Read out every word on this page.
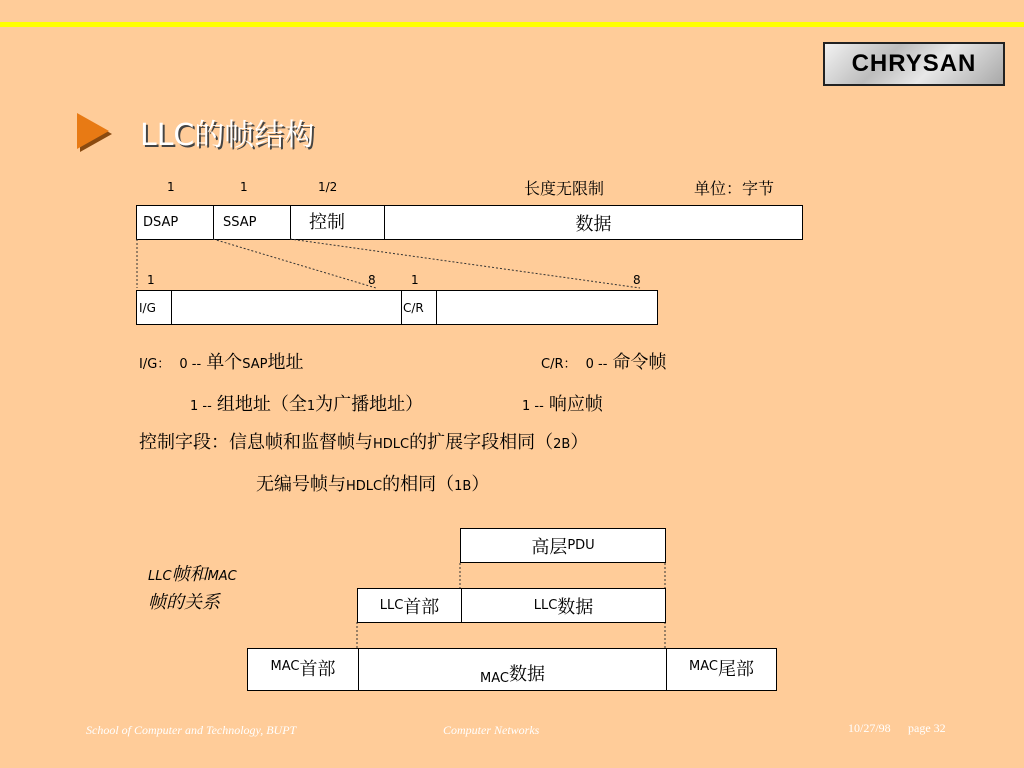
CHRYSAN
LLC的帧结构
1	1	1/2	长度无限制	单位：字节
DSAP	SSAP	控制	数据
1	8	1	8
I/G	C/R
I/G： 0 -- 单个SAP地址
1 -- 组地址（全1为广播地址）
C/R： 0 -- 命令帧
1 -- 响应帧
控制字段：信息帧和监督帧与HDLC的扩展字段相同（2B）
无编号帧与HDLC的相同（1B）
LLC帧和MAC
帧的关系
高层 PDU
LLC 首部	LLC 数据
MAC 首部	MAC 数据	MAC 尾部
School of Computer and Technology, BUPT	Computer Networks	10/27/98 page 32
